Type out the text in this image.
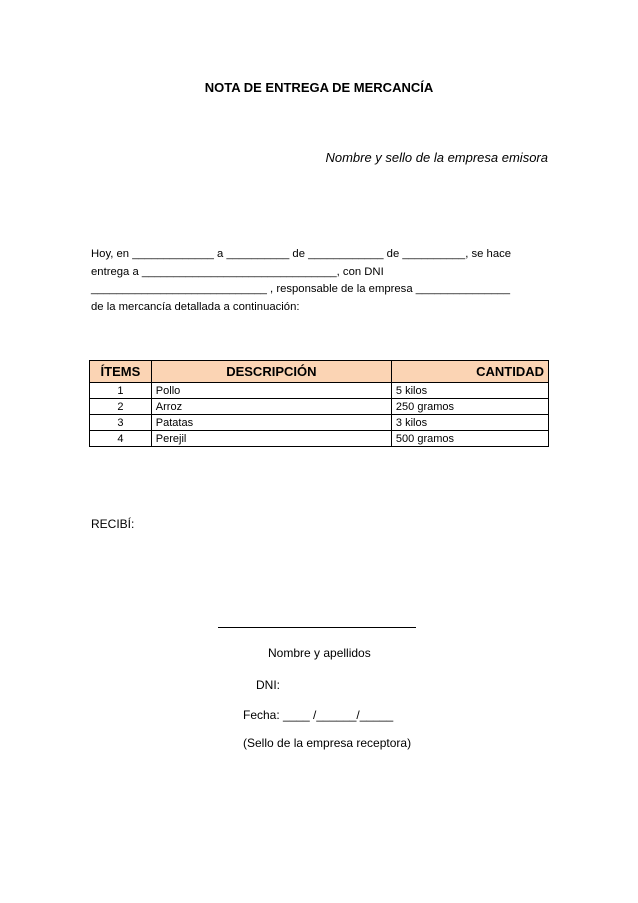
NOTA DE ENTREGA DE MERCANCÍA
Nombre y sello de la empresa emisora
Hoy, en _____________ a __________ de ____________ de __________, se hace
entrega a _______________________________, con DNI
____________________________ , responsable de la empresa _______________
de la mercancía detallada a continuación:
ÍTEMS	DESCRIPCIÓN	CANTIDAD
1	Pollo	5 kilos
2	Arroz	250 gramos
3	Patatas	3 kilos
4	Perejil	500 gramos
RECIBÍ:
Nombre y apellidos
DNI:
Fecha: ____ /______/_____
(Sello de la empresa receptora)
